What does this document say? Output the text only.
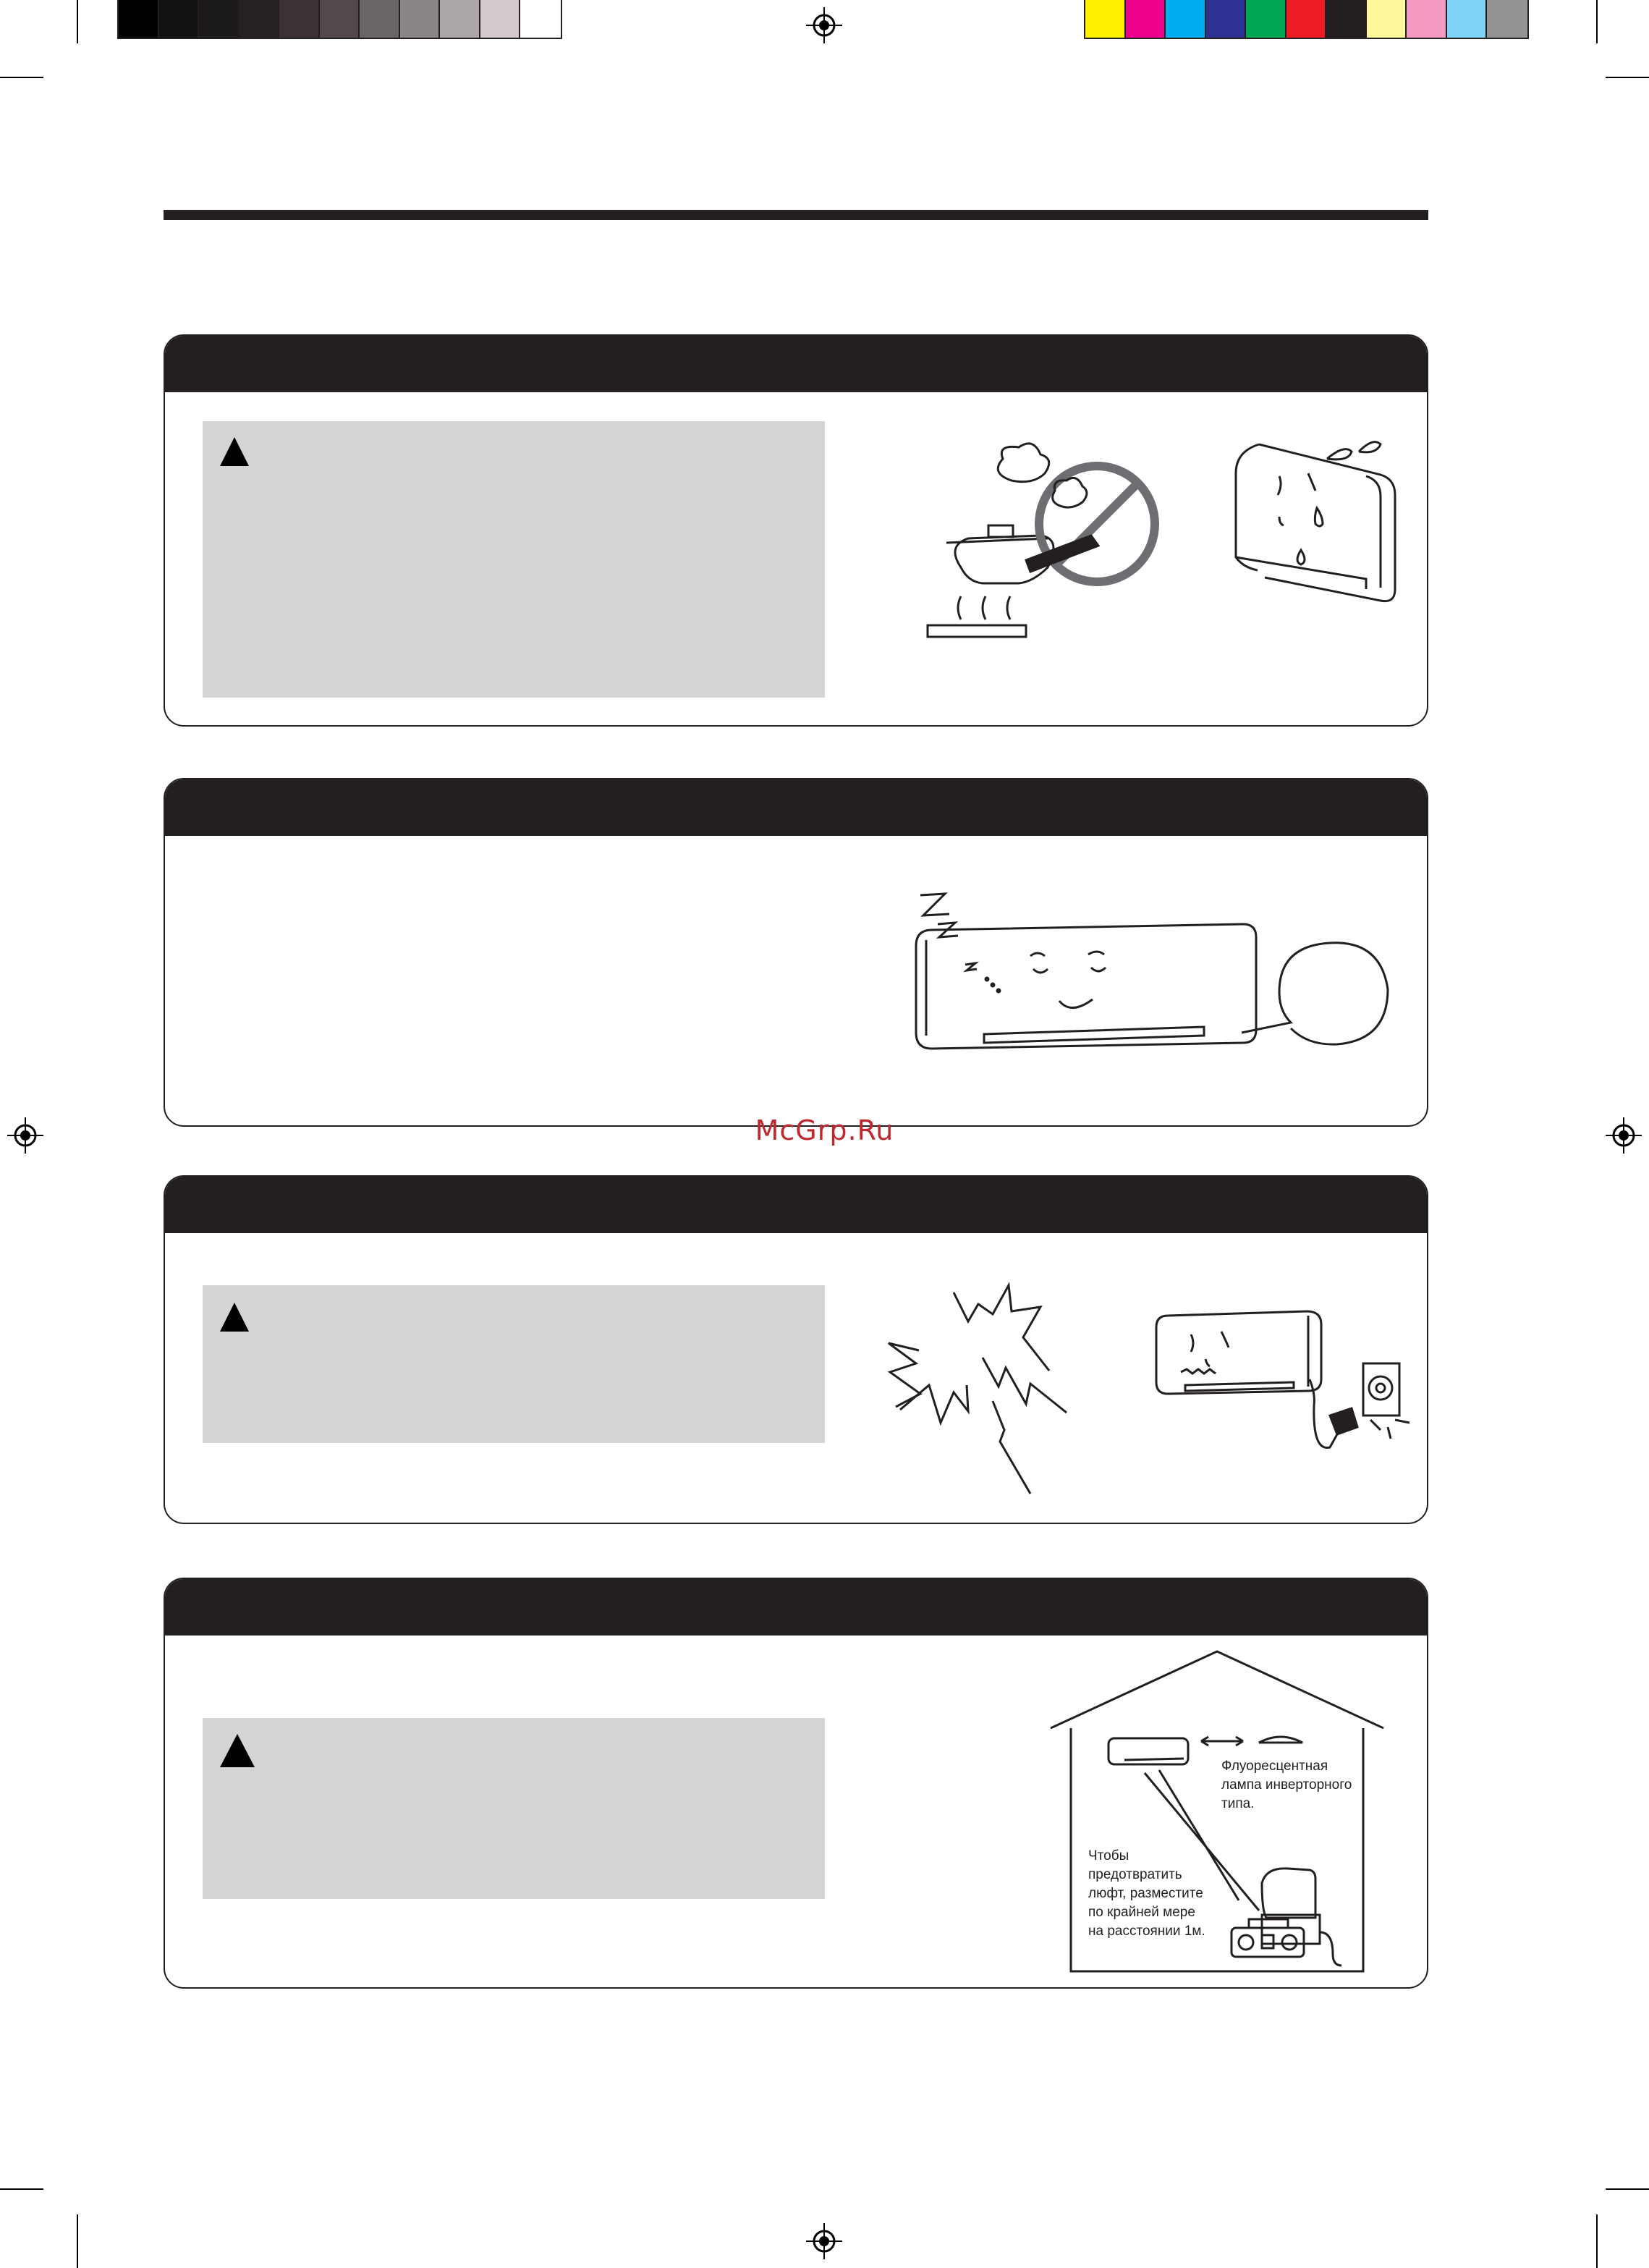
McGrp.Ru
Флуоресцентная
лампа инверторного
типа.
Чтобы
предотвратить
люфт, разместите
по крайней мере
на расстоянии 1м.
